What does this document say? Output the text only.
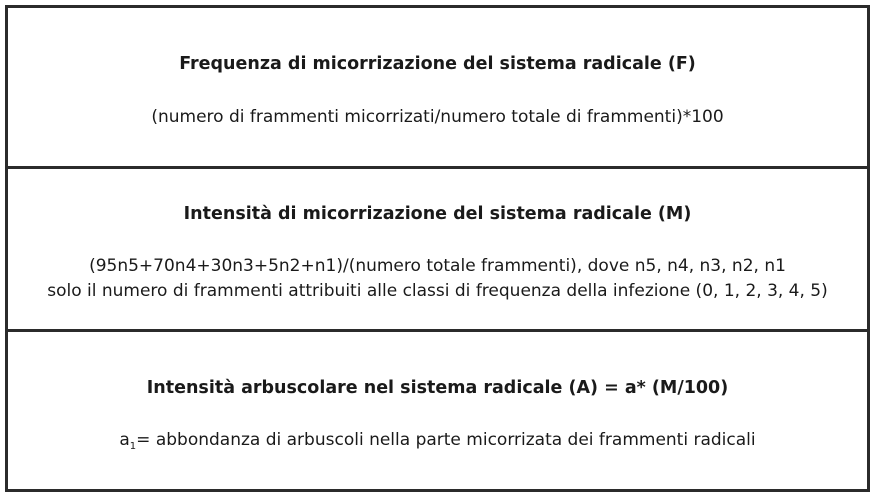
Frequenza di micorrizazione del sistema radicale (F)
(numero di frammenti micorrizati/numero totale di frammenti)*100
Intensità di micorrizazione del sistema radicale (M)
(95n5+70n4+30n3+5n2+n1)/(numero totale frammenti), dove n5, n4, n3, n2, n1
solo il numero di frammenti attribuiti alle classi di frequenza della infezione (0, 1, 2, 3, 4, 5)
Intensità arbuscolare nel sistema radicale (A) = a* (M/100)
$a_1=$ abbondanza di arbuscoli nella parte micorrizata dei frammenti radicali
